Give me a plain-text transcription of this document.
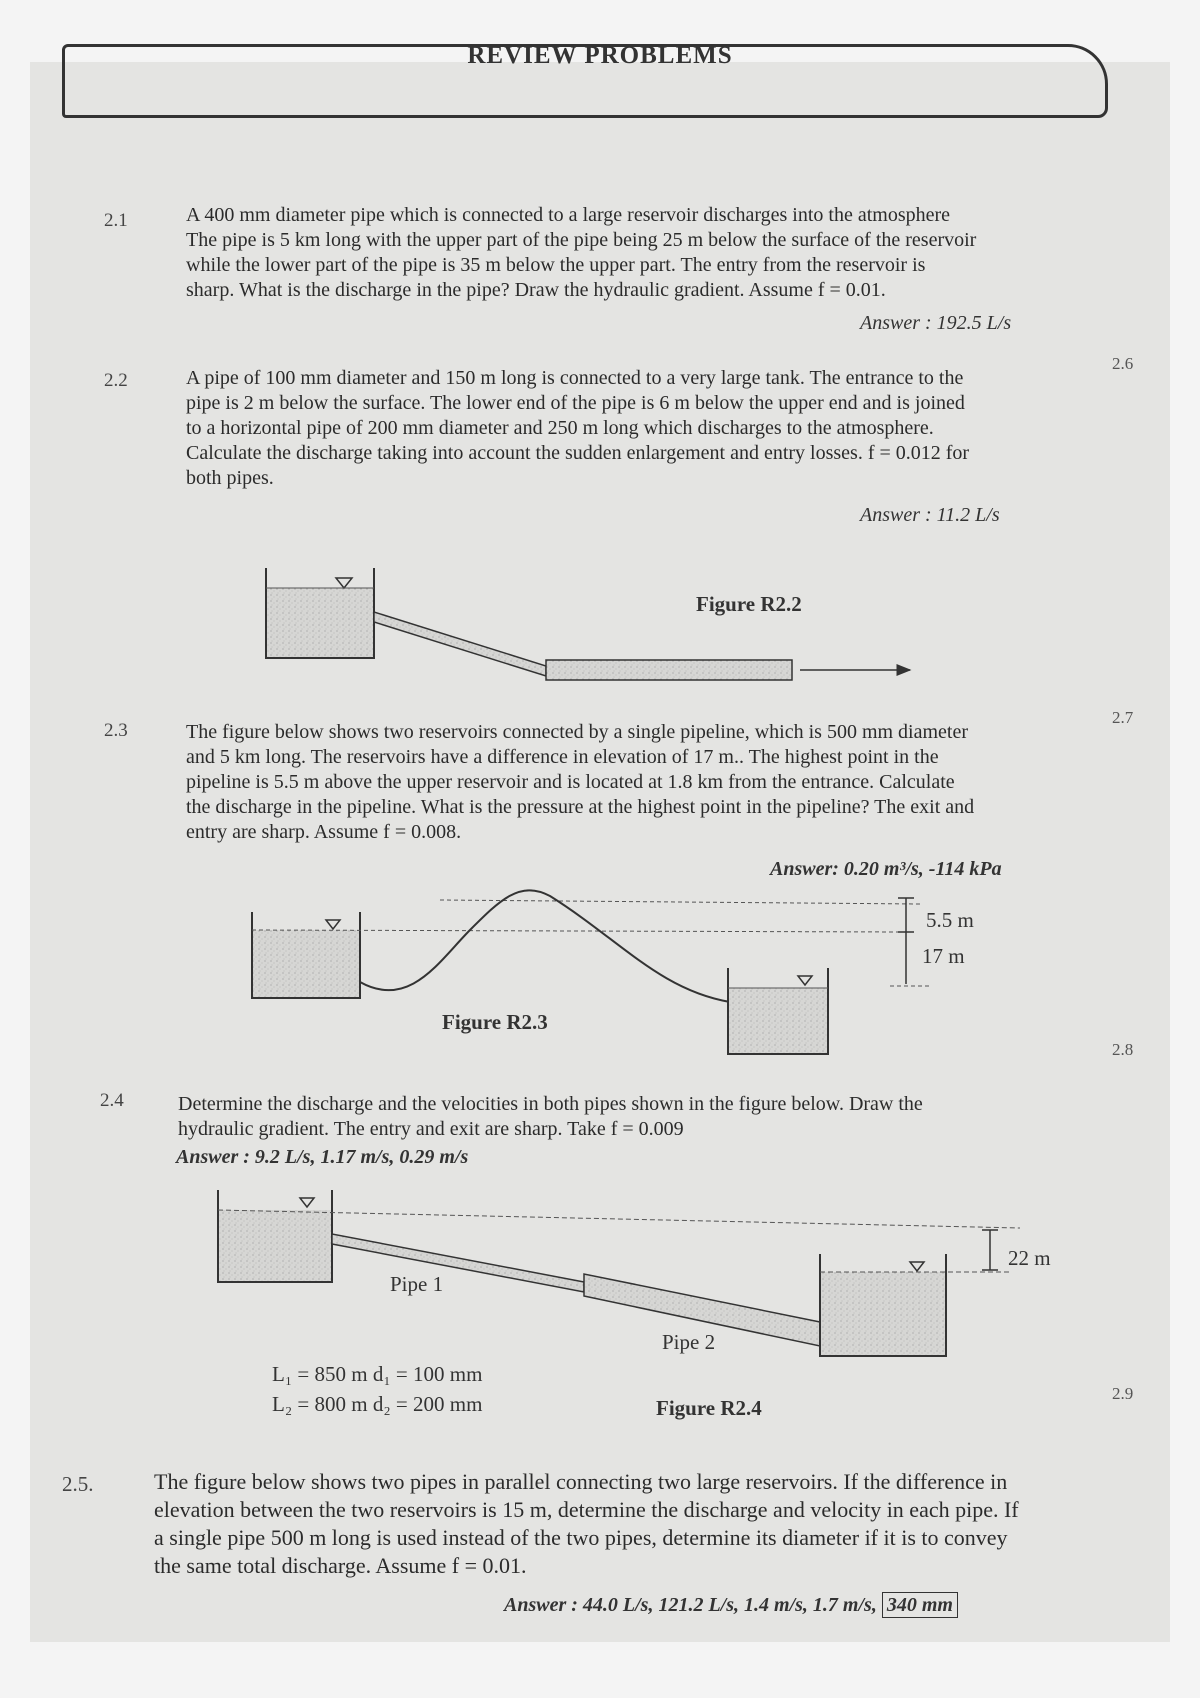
REVIEW PROBLEMS
2.6
2.7
2.8
2.9
2.1	A 400 mm diameter pipe which is connected to a large reservoir discharges into the atmosphere
The pipe is 5 km long with the upper part of the pipe being 25 m below the surface of the reservoir
while the lower part of the pipe is 35 m below the upper part. The entry from the reservoir is
sharp. What is the discharge in the pipe? Draw the hydraulic gradient. Assume f = 0.01.
Answer : 192.5 L/s
2.2	A pipe of 100 mm diameter and 150 m long is connected to a very large tank. The entrance to the
pipe is 2 m below the surface. The lower end of the pipe is 6 m below the upper end and is joined
to a horizontal pipe of 200 mm diameter and 250 m long which discharges to the atmosphere.
Calculate the discharge taking into account the sudden enlargement and entry losses. f = 0.012 for
both pipes.
Answer : 11.2 L/s
Figure R2.2
2.3	The figure below shows two reservoirs connected by a single pipeline, which is 500 mm diameter
and 5 km long. The reservoirs have a difference in elevation of 17 m.. The highest point in the
pipeline is 5.5 m above the upper reservoir and is located at 1.8 km from the entrance. Calculate
the discharge in the pipeline. What is the pressure at the highest point in the pipeline? The exit and
entry are sharp. Assume f = 0.008.
Answer: 0.20 m³/s, -114 kPa
5.5 m
17 m
Figure R2.3
2.4	Determine the discharge and the velocities in both pipes shown in the figure below. Draw the
hydraulic gradient. The entry and exit are sharp. Take f = 0.009
Answer : 9.2 L/s, 1.17 m/s, 0.29 m/s
22 m
Pipe 1
Pipe 2
L₁ = 850 m d₁ = 100 mm
L₂ = 800 m d₂ = 200 mm	Figure R2.4
2.5.	The figure below shows two pipes in parallel connecting two large reservoirs. If the difference in
elevation between the two reservoirs is 15 m, determine the discharge and velocity in each pipe. If
a single pipe 500 m long is used instead of the two pipes, determine its diameter if it is to convey
the same total discharge. Assume f = 0.01.
Answer : 44.0 L/s, 121.2 L/s, 1.4 m/s, 1.7 m/s, 340 mm
